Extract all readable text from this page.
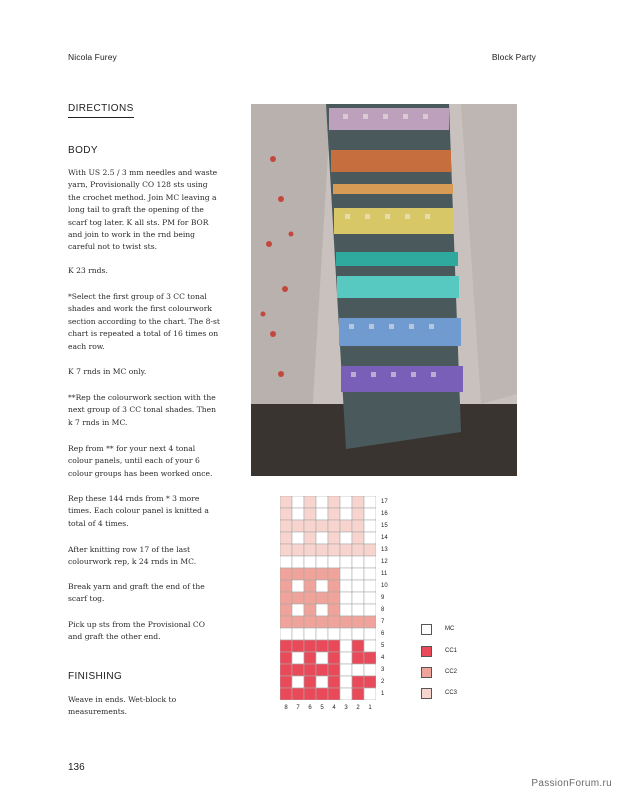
Nicola Furey	Block Party
DIRECTIONS
BODY

With US 2.5 / 3 mm needles and waste yarn, Provisionally CO 128 sts using the crochet method. Join MC leaving a long tail to graft the opening of the scarf tog later. K all sts. PM for BOR and join to work in the rnd being careful not to twist sts.

K 23 rnds.

*Select the first group of 3 CC tonal shades and work the first colourwork section according to the chart. The 8-st chart is repeated a total of 16 times on each row.

K 7 rnds in MC only.

**Rep the colourwork section with the next group of 3 CC tonal shades. Then k 7 rnds in MC.

Rep from ** for your next 4 tonal colour panels, until each of your 6 colour groups has been worked once.

Rep these 144 rnds from * 3 more times. Each colour panel is knitted a total of 4 times.

After knitting row 17 of the last colourwork rep, k 24 rnds in MC.

Break yarn and graft the end of the scarf tog.

Pick up sts from the Provisional CO and graft the other end.

FINISHING

Weave in ends. Wet-block to measurements.

17
16
15
14
13
12
11
10
9
8
7
6
5
4
3
2
1
8	7	6	5	4	3	2	1
MC
CC1
CC2
CC3
136
PassionForum.ru
